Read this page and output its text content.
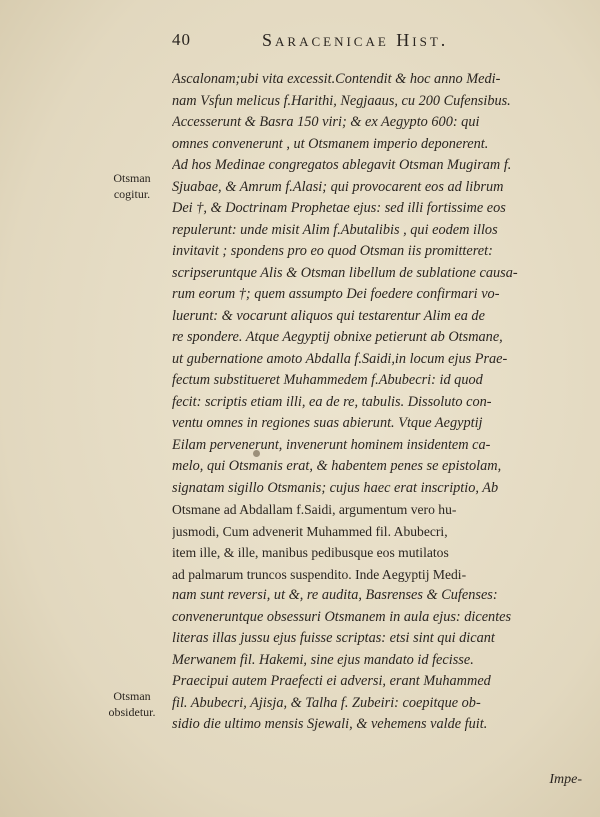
40	Saracenicae Hist.
Otsman cogitur.
Otsman obsidetur.
Ascalonam;ubi vita excessit.Contendit & hoc anno Medi-
nam Vsfun melicus f.Harithi, Negjaaus, cu 200 Cufensibus.
Accesserunt & Basra 150 viri; & ex Aegypto 600: qui
omnes convenerunt , ut Otsmanem imperio deponerent.
Ad hos Medinae congregatos ablegavit Otsman Mugiram f.
Sjuabae, & Amrum f.Alasi; qui provocarent eos ad librum
Dei †, & Doctrinam Prophetae ejus: sed illi fortissime eos
repulerunt: unde misit Alim f.Abutalibis , qui eodem illos
invitavit ; spondens pro eo quod Otsman iis promitteret:
scripseruntque Alis & Otsman libellum de sublatione causa-
rum eorum †; quem assumpto Dei foedere confirmari vo-
luerunt: & vocarunt aliquos qui testarentur Alim ea de
re spondere. Atque Aegyptij obnixe petierunt ab Otsmane,
ut gubernatione amoto Abdalla f.Saidi,in locum ejus Prae-
fectum substitueret Muhammedem f.Abubecri: id quod
fecit: scriptis etiam illi, ea de re, tabulis. Dissoluto con-
ventu omnes in regiones suas abierunt. Vtque Aegyptij
Eilam pervenerunt, invenerunt hominem insidentem ca-
melo, qui Otsmanis erat, & habentem penes se epistolam,
signatam sigillo Otsmanis; cujus haec erat inscriptio, Ab
Otsmane ad Abdallam f.Saidi, argumentum vero hu-
jusmodi, Cum advenerit Muhammed fil. Abubecri,
item ille, & ille, manibus pedibusque eos mutilatos
ad palmarum truncos suspendito. Inde Aegyptij Medi-
nam sunt reversi, ut &, re audita, Basrenses & Cufenses:
conveneruntque obsessuri Otsmanem in aula ejus: dicentes
literas illas jussu ejus fuisse scriptas: etsi sint qui dicant
Merwanem fil. Hakemi, sine ejus mandato id fecisse.
Praecipui autem Praefecti ei adversi, erant Muhammed
fil. Abubecri, Ajisja, & Talha f. Zubeiri: coepitque ob-
sidio die ultimo mensis Sjewali, & vehemens valde fuit.
Impe-
